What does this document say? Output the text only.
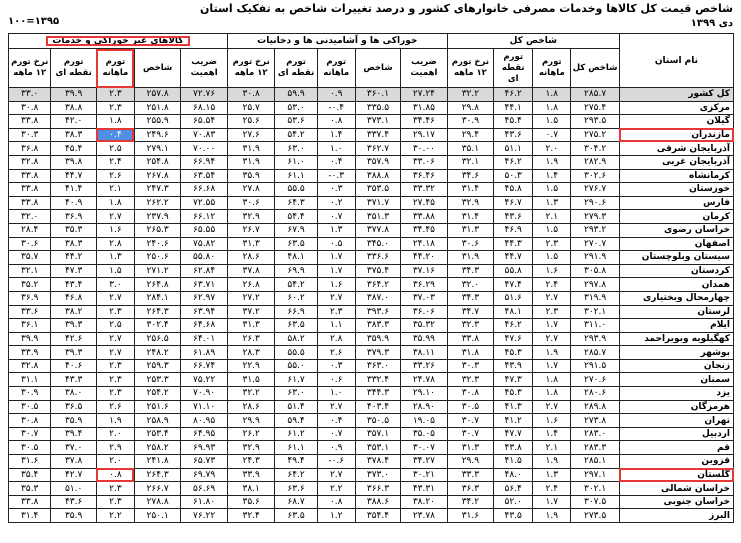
شاخص قیمت کل کالاها وخدمات مصرفی خانوارهای کشور و درصد تغییرات شاخص به تفکیک استان
۱۰۰=۱۳۹۵	دی ۱۳۹۹
نام استان	شاخص کل				خوراکی ها و آشامیدنی ها و دخانیات					کالاهای غیر خوراکی و خدمات				
	شاخص کل	تورم ماهانه	تورم نقطه ای	نرخ تورم ۱۲ ماهه	ضریب اهمیت	شاخص	تورم ماهانه	تورم نقطه ای	نرخ تورم ۱۲ ماهه	ضریب اهمیت	شاخص	تورم ماهانه	تورم نقطه ای	نرخ تورم ۱۲ ماهه
کل کشور	۲۸۵.۷	۱.۸	۴۶.۲	۳۲.۲	۲۷.۲۴	۳۶۰.۱	۰.۹	۵۹.۹	۳۰.۸	۷۲.۷۶	۲۵۷.۸	۲.۳	۳۹.۹	۳۳.۰
مرکزی	۲۷۵.۴	۱.۸	۴۴.۱	۲۹.۸	۳۱.۸۵	۳۳۵.۵	۰.۴-	۵۳.۰	۲۵.۷	۶۸.۱۵	۲۵۱.۸	۲.۳	۳۸.۸	۳۰.۸
گیلان	۲۹۳.۵	۱.۵	۴۵.۴	۳۰.۹	۳۴.۴۶	۳۷۳.۱	۰.۸	۵۳.۶	۲۵.۶	۶۵.۵۴	۲۵۵.۹	۱.۸	۴۲.۰	۳۳.۸
مازندران	۲۷۵.۲	۰.۷	۴۳.۶	۲۹.۴	۲۹.۱۷	۳۳۷.۴	۱.۴	۵۴.۲	۲۷.۶	۷۰.۸۳	۲۴۹.۶	۰.۴	۳۸.۳	۳۰.۳
آذربایجان شرقی	۳۰۴.۲	۲.۰	۵۱.۱	۳۵.۱	۳۰.۰۰	۳۶۲.۷	۱.۰	۶۳.۰	۳۱.۹	۷۰.۰۰	۲۷۹.۱	۲.۵	۴۵.۴	۳۶.۸
آذربایجان غربی	۲۸۲.۹	۱.۹	۴۶.۲	۳۲.۱	۳۳.۰۶	۳۵۷.۹	۰.۴	۶۱.۰	۳۱.۹	۶۶.۹۴	۲۵۴.۸	۲.۴	۳۹.۸	۳۲.۸
کرمانشاه	۳۰۲.۶	۱.۴	۵۰.۳	۳۴.۶	۳۶.۴۶	۳۸۸.۸	۰.۳-	۶۱.۱	۳۵.۹	۶۳.۵۴	۲۶۷.۸	۲.۶	۴۴.۷	۳۳.۸
خوزستان	۲۷۶.۷	۱.۵	۴۵.۸	۳۱.۴	۳۳.۳۲	۳۵۳.۵	۰.۳	۵۵.۵	۲۷.۸	۶۶.۶۸	۲۴۷.۳	۲.۱	۴۱.۴	۳۳.۸
فارس	۲۹۰.۶	۱.۳	۴۶.۷	۳۲.۹	۲۷.۴۵	۳۷۱.۷	۰.۲	۶۴.۳	۳۰.۶	۷۲.۵۵	۲۶۲.۲	۱.۸	۴۰.۹	۳۳.۸
کرمان	۲۷۹.۳	۲.۱	۴۳.۶	۳۱.۴	۳۳.۸۸	۳۵۱.۳	۰.۷	۵۴.۴	۳۲.۹	۶۶.۱۲	۲۳۷.۹	۲.۷	۳۶.۹	۳۲.۰
خراسان رضوی	۲۹۳.۲	۱.۵	۴۶.۹	۳۱.۳	۳۴.۴۵	۳۷۷.۸	۱.۳	۶۷.۹	۲۶.۷	۶۵.۵۵	۲۶۵.۳	۱.۶	۳۵.۳	۲۸.۴
اصفهان	۲۷۰.۷	۲.۳	۴۴.۳	۳۰.۶	۲۴.۱۸	۳۴۵.۰	۰.۵	۶۳.۵	۳۱.۳	۷۵.۸۲	۲۴۰.۶	۲.۸	۳۸.۳	۳۰.۶
سیستان وبلوچستان	۲۹۱.۹	۱.۵	۴۴.۷	۳۱.۹	۴۴.۲۰	۳۳۶.۶	۱.۷	۴۸.۱	۲۸.۶	۵۵.۸۰	۲۵۰.۶	۱.۳	۴۴.۲	۳۵.۷
کردستان	۳۰۵.۸	۱.۶	۵۵.۸	۳۴.۳	۳۷.۱۶	۳۷۵.۴	۱.۷	۶۹.۹	۳۷.۸	۶۲.۸۴	۲۷۱.۲	۱.۵	۴۷.۳	۳۲.۱
همدان	۲۹۷.۸	۲.۴	۴۷.۴	۳۲.۰	۳۶.۲۹	۳۶۴.۲	۱.۶	۵۴.۲	۲۶.۸	۶۳.۷۱	۲۶۴.۸	۳.۰	۴۳.۴	۳۵.۲
چهارمحال وبختیاری	۳۱۹.۹	۲.۷	۵۱.۶	۳۴.۳	۳۷.۰۳	۳۸۷.۰	۲.۷	۶۰.۲	۲۷.۲	۶۲.۹۷	۲۸۴.۱	۲.۷	۴۶.۸	۳۶.۹
لرستان	۳۰۲.۱	۲.۳	۴۸.۱	۳۴.۷	۳۶.۰۶	۳۹۳.۶	۲.۳	۶۶.۹	۳۷.۲	۶۳.۹۴	۲۶۴.۳	۲.۳	۳۸.۲	۳۳.۶
ایلام	۳۱۱.۰	۱.۷	۴۶.۲	۳۲.۳	۳۵.۳۲	۳۸۳.۳	۱.۱	۶۳.۵	۳۱.۳	۶۴.۶۸	۳۰۲.۴	۲.۵	۳۹.۳	۳۶.۱
کهگیلویه وبویراحمد	۲۹۳.۹	۲.۷	۴۷.۶	۳۳.۸	۳۵.۹۹	۳۵۹.۹	۲.۸	۵۸.۲	۲۶.۳	۶۴.۰۱	۲۵۶.۵	۲.۷	۴۲.۶	۳۹.۹
بوشهر	۲۸۵.۷	۱.۹	۴۵.۳	۳۱.۸	۳۸.۱۱	۳۷۹.۳	۲.۶	۵۵.۵	۲۸.۳	۶۱.۸۹	۲۴۸.۲	۲.۷	۳۹.۳	۳۳.۹
زنجان	۲۹۱.۵	۱.۷	۴۳.۹	۳۰.۳	۳۳.۲۶	۳۶۳.۰	۰.۳	۵۵.۰	۲۲.۹	۶۶.۷۴	۲۵۹.۳	۲.۳	۴۰.۶	۳۲.۸
سمنان	۲۷۰.۶	۱.۸	۴۷.۳	۳۲.۳	۲۴.۷۸	۳۳۲.۴	۰.۶	۶۱.۷	۳۱.۵	۷۵.۲۲	۲۵۳.۳	۲.۳	۴۳.۳	۳۱.۱
یزد	۲۸۰.۶	۱.۸	۴۵.۳	۳۰.۸	۲۹.۱۰	۳۴۴.۳	۱.۰	۶۳.۰	۳۲.۲	۷۰.۹۰	۲۵۴.۲	۲.۳	۳۸.۰	۳۰.۹
هرمزگان	۲۸۹.۸	۲.۷	۴۱.۳	۳۰.۵	۲۸.۹۰	۴۰۳.۴	۲.۷	۵۱.۴	۲۸.۶	۷۱.۱۰	۲۵۱.۶	۲.۶	۳۶.۵	۳۰.۵
تهران	۲۷۳.۸	۱.۶	۴۱.۲	۳۰.۷	۱۹.۰۵	۳۵۰.۵	۰.۴	۵۹.۴	۲۹.۹	۸۰.۹۵	۲۵۸.۹	۱.۹	۳۵.۹	۳۰.۸
اردبیل	۲۸۳.۰	۱.۴	۴۷.۷	۳۰.۷	۳۵.۰۵	۳۵۷.۱	۰.۷	۶۱.۲	۲۶.۲	۶۴.۹۵	۲۵۳.۴	۲.۰	۳۹.۴	۳۰.۷
قم	۲۸۳.۳	۲.۱	۴۳.۸	۳۱.۳	۳۰.۰۷	۳۵۳.۱	۰.۹	۶۱.۱	۳۲.۹	۶۹.۹۳	۲۵۸.۲	۲.۹	۳۷.۰	۳۰.۵
قزوین	۲۸۵.۱	۱.۹	۴۱.۵	۲۹.۹	۳۴.۲۷	۳۷۸.۴	۰.۶-	۴۹.۴	۲۴.۳	۶۵.۷۳	۲۴۱.۸	۲.۰	۳۷.۸	۳۱.۶
گلستان	۲۹۷.۱	۱.۳	۴۸.۰	۳۳.۳	۳۰.۲۱	۳۷۳.۰	۲.۷	۶۴.۲	۳۳.۹	۶۹.۷۹	۲۶۴.۳	۰.۸	۴۲.۷	۳۵.۴
خراسان شمالی	۳۰۲.۱	۲.۴	۵۶.۴	۳۶.۳	۴۳.۳۱	۳۶۶.۳	۲.۲	۶۳.۶	۳۸.۱	۵۶.۶۹	۲۶۶.۷	۲.۳	۵۱.۰	۳۵.۳
خراسان جنوبی	۳۰۷.۵	۱.۷	۵۲.۰	۳۴.۲	۳۸.۲۰	۳۸۸.۶	۰.۸	۶۸.۷	۳۵.۶	۶۱.۸۰	۲۷۸.۸	۲.۳	۴۳.۶	۳۳.۸
البرز	۲۷۳.۵	۱.۹	۴۳.۵	۳۱.۶	۲۳.۷۸	۳۵۴.۴	۱.۲	۶۳.۵	۳۲.۴	۷۶.۲۲	۲۵۰.۱	۲.۲	۳۵.۹	۳۱.۴
